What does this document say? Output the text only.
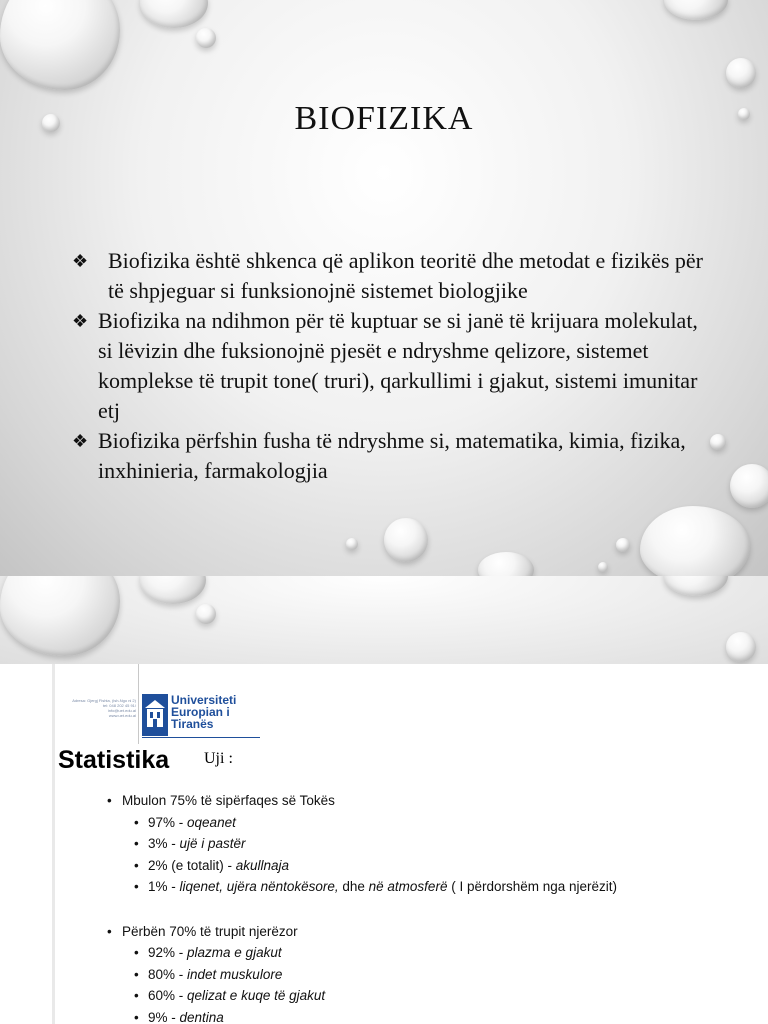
BIOFIZIKA
❖ Biofizika është shkenca që aplikon teoritë dhe metodat e fizikës për të shpjeguar si funksionojnë sistemet biologjike
❖ Biofizika na ndihmon për të kuptuar se si janë të krijuara molekulat, si lëvizin dhe fuksionojnë pjesët e ndryshme qelizore, sistemet komplekse të trupit tone( truri), qarkullimi i gjakut, sistemi imunitar etj
❖ Biofizika përfshin fusha të ndryshme si, matematika, kimia, fizika, inxhinieria, farmakologjia
Adresa: Gjergj Fishta, (ish-Ngo ni 2)
tel: 048 202 45 91/
info@uet.edu.al
www.uet.edu.al
Universiteti
Europian i
Tiranës
Statistika Uji :
• Mbulon 75% të sipërfaqes së Tokës
• 97% - oqeanet
• 3% - ujë i pastër
• 2% (e totalit) - akullnaja
• 1% - liqenet, ujëra nëntokësore, dhe në atmosferë ( I përdorshëm nga njerëzit)
• Përbën 70% të trupit njerëzor
• 92% - plazma e gjakut
• 80% - indet muskulore
• 60% - qelizat e kuqe të gjakut
• 9% - dentina
